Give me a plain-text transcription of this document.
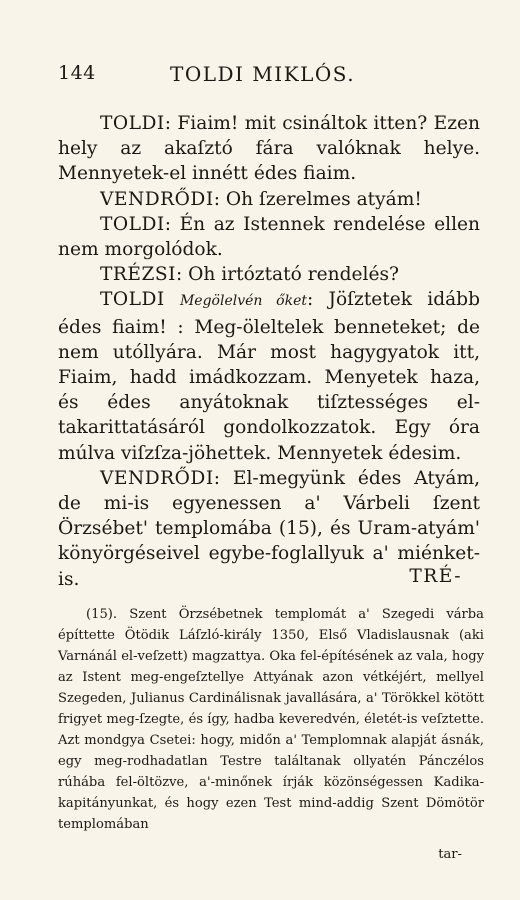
144	TOLDI MIKLÓS.

TOLDI: Fiaim! mit csináltok itten? Ezen hely az akaſztó fára valóknak helye. Mennyetek-el innétt édes fiaim.

VENDRŐDI: Oh ſzerelmes atyám!

TOLDI: Én az Istennek rendelése ellen nem morgolódok.

TRÉZSI: Oh irtóztató rendelés?

TOLDI Megölelvén őket: Jöſztetek idább édes fiaim! : Meg-öleltelek benneteket; de nem utóllyára. Már most hagygyatok itt, Fiaim, hadd imádkozzam. Menyetek haza, és édes anyátoknak tiſztességes el-takarittatásáról gondolkozzatok. Egy óra múlva viſzſza-jöhettek. Mennyetek édesim.

VENDRŐDI: El-megyünk édes Atyám, de mi-is egyenessen a' Várbeli ſzent Örzsébet' templomába (15), és Uram-atyám' könyörgéseivel egybe-foglallyuk a' miénket-is.	TRÉ-

(15). Szent Örzsébetnek templomát a' Szegedi várba építtette Ötödik Láſzló-király 1350, Első Vladislausnak (aki Varnánál el-veſzett) magzattya. Oka fel-építésének az vala, hogy az Istent meg-engeſztellye Attyának azon vétkéjért, mellyel Szegeden, Julianus Cardinálisnak javallására, a' Törökkel kötött frigyet meg-ſzegte, és így, hadba keveredvén, életét-is veſztette. Azt mondgya Csetei: hogy, midőn a' Templomnak alapját ásnák, egy meg-rodhadatlan Testre találtanak ollyatén Pánczélos rúhába fel-öltözve, a'-minőnek írják közönségessen Kadika-kapitányunkat, és hogy ezen Test mind-addig Szent Dömötör templomában

tar-
